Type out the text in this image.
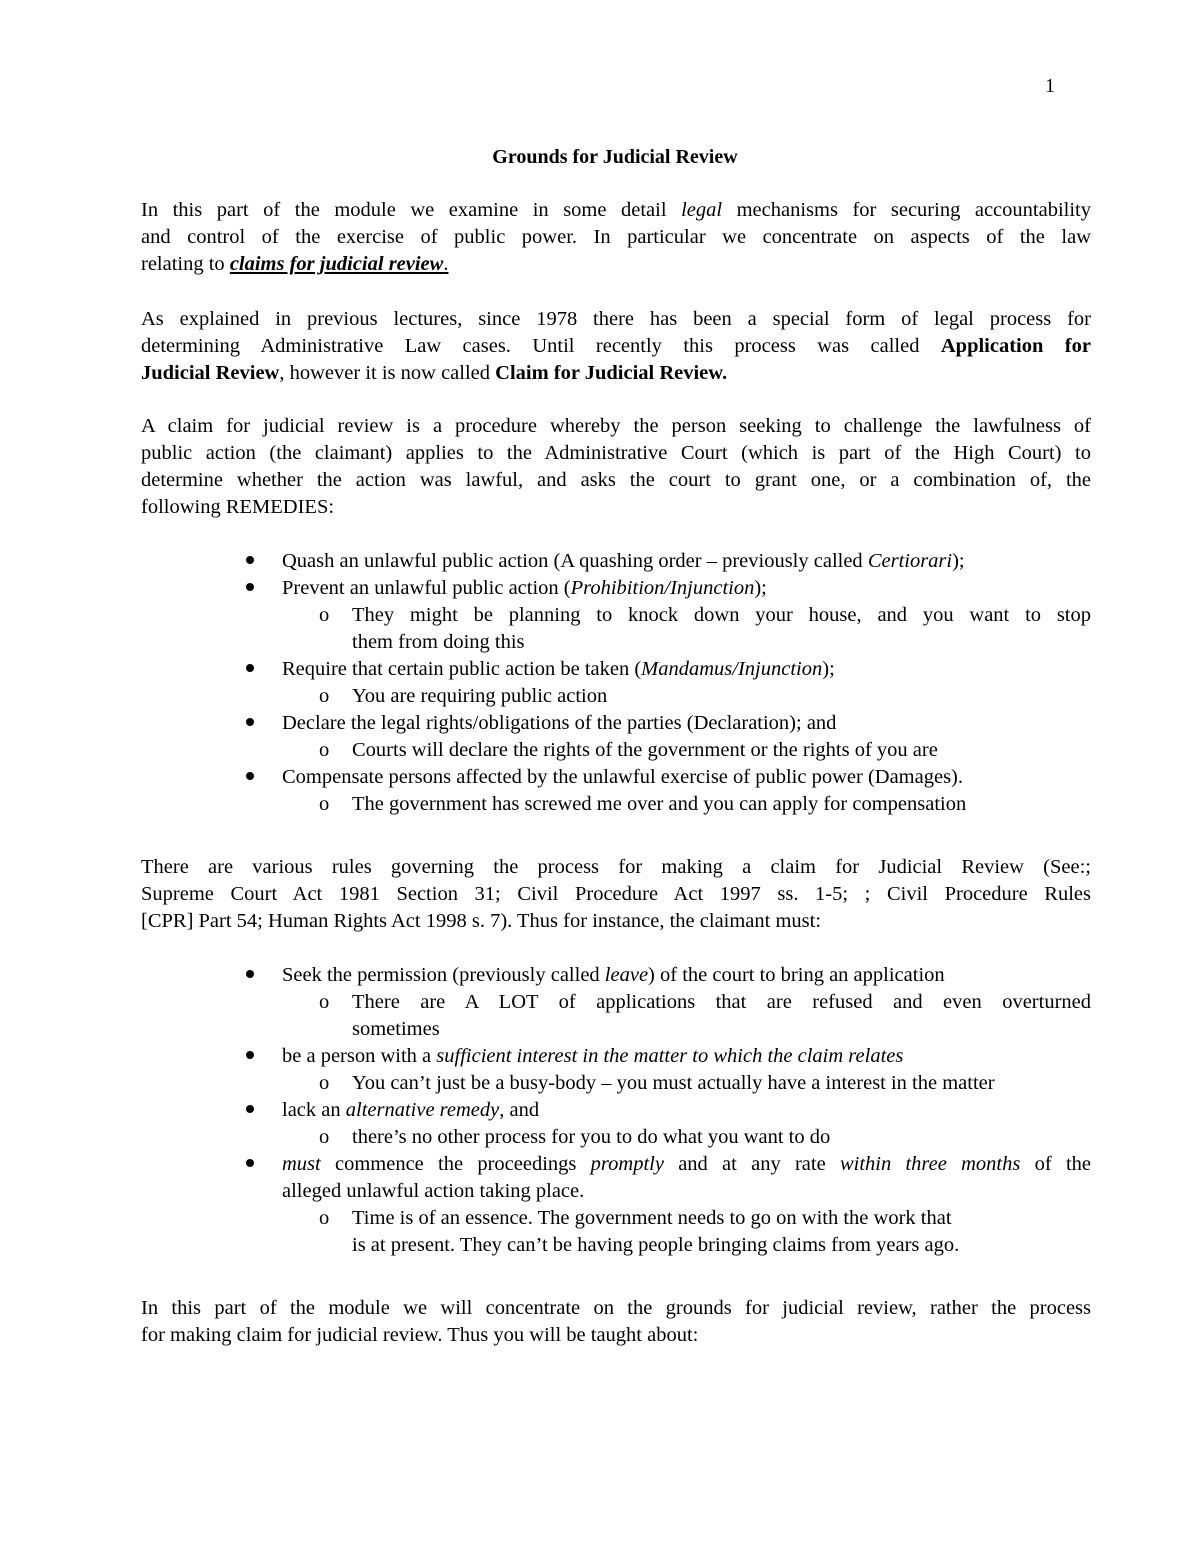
1
Grounds for Judicial Review
In this part of the module we examine in some detail legal mechanisms for securing accountability
and control of the exercise of public power. In particular we concentrate on aspects of the law
relating to claims for judicial review.
As explained in previous lectures, since 1978 there has been a special form of legal process for
determining Administrative Law cases. Until recently this process was called Application for
Judicial Review, however it is now called Claim for Judicial Review.
A claim for judicial review is a procedure whereby the person seeking to challenge the lawfulness of
public action (the claimant) applies to the Administrative Court (which is part of the High Court) to
determine whether the action was lawful, and asks the court to grant one, or a combination of, the
following REMEDIES:
Quash an unlawful public action (A quashing order – previously called Certiorari);
Prevent an unlawful public action (Prohibition/Injunction);
o They might be planning to knock down your house, and you want to stop
them from doing this
Require that certain public action be taken (Mandamus/Injunction);
o You are requiring public action
Declare the legal rights/obligations of the parties (Declaration); and
o Courts will declare the rights of the government or the rights of you are
Compensate persons affected by the unlawful exercise of public power (Damages).
o The government has screwed me over and you can apply for compensation
There are various rules governing the process for making a claim for Judicial Review (See:;
Supreme Court Act 1981 Section 31; Civil Procedure Act 1997 ss. 1-5; ; Civil Procedure Rules
[CPR] Part 54; Human Rights Act 1998 s. 7). Thus for instance, the claimant must:
Seek the permission (previously called leave) of the court to bring an application
o There are A LOT of applications that are refused and even overturned
sometimes
be a person with a sufficient interest in the matter to which the claim relates
o You can’t just be a busy-body – you must actually have a interest in the matter
lack an alternative remedy, and
o there’s no other process for you to do what you want to do
must commence the proceedings promptly and at any rate within three months of the
alleged unlawful action taking place.
o Time is of an essence. The government needs to go on with the work that
is at present. They can’t be having people bringing claims from years ago.
In this part of the module we will concentrate on the grounds for judicial review, rather the process
for making claim for judicial review. Thus you will be taught about:
